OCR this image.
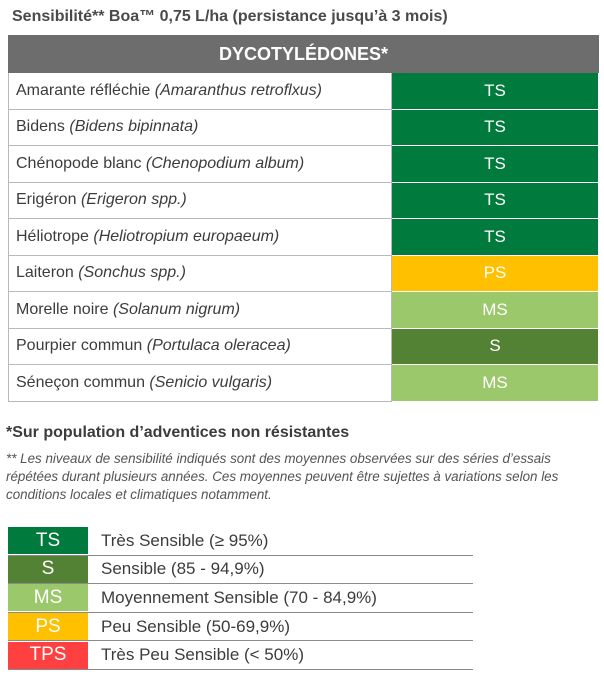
Sensibilité** Boa™ 0,75 L/ha (persistance jusqu’à 3 mois)
DYCOTYLÉDONES*	
Amarante réfléchie (Amaranthus retroflxus)	TS
Bidens (Bidens bipinnata)	TS
Chénopode blanc (Chenopodium album)	TS
Erigéron (Erigeron spp.)	TS
Héliotrope (Heliotropium europaeum)	TS
Laiteron (Sonchus spp.)	PS
Morelle noire (Solanum nigrum)	MS
Pourpier commun (Portulaca oleracea)	S
Séneçon commun (Senicio vulgaris)	MS
*Sur population d’adventices non résistantes
** Les niveaux de sensibilité indiqués sont des moyennes observées sur des séries d’essais répétées durant plusieurs années. Ces moyennes peuvent être sujettes à variations selon les conditions locales et climatiques notamment.
TS	Très Sensible (≥ 95%)
S	Sensible (85 - 94,9%)
MS	Moyennement Sensible (70 - 84,9%)
PS	Peu Sensible (50-69,9%)
TPS	Très Peu Sensible (< 50%)
